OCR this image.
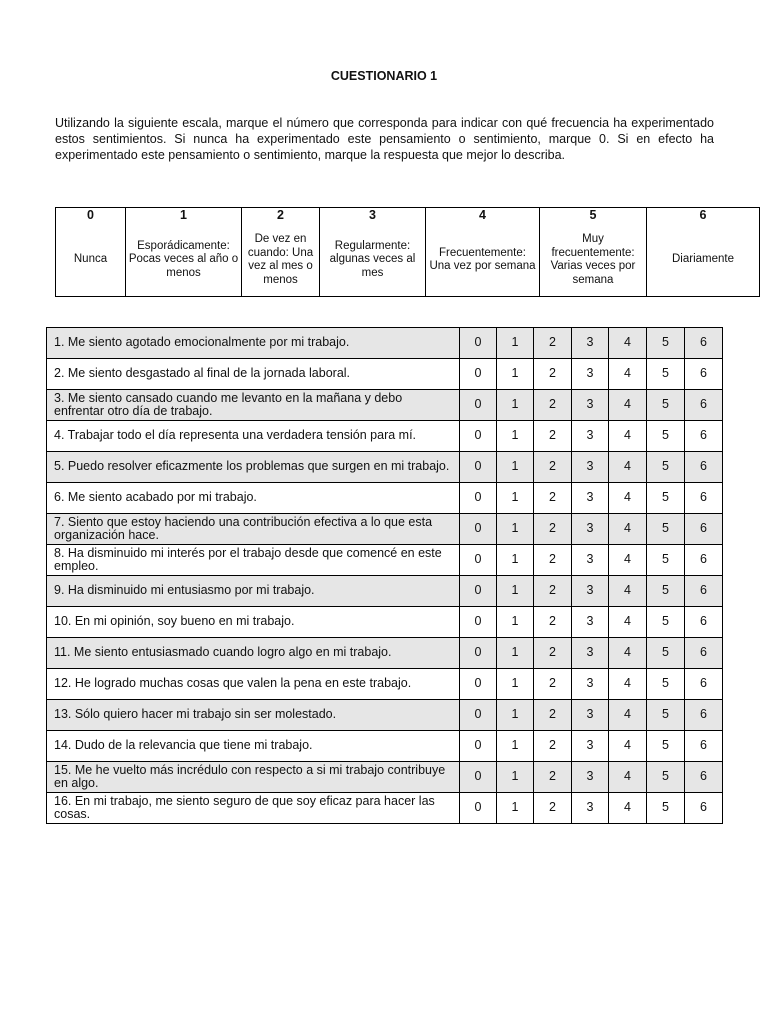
CUESTIONARIO 1
Utilizando la siguiente escala, marque el número que corresponda para indicar con qué frecuencia ha experimentado estos sentimientos. Si nunca ha experimentado este pensamiento o sentimiento, marque 0. Si en efecto ha experimentado este pensamiento o sentimiento, marque la respuesta que mejor lo describa.
0	1	2	3	4	5	6
Nunca	Esporádicamente: Pocas veces al año o menos	De vez en cuando: Una vez al mes o menos	Regularmente: algunas veces al mes	Frecuentemente: Una vez por semana	Muy frecuentemente: Varias veces por semana	Diariamente
1. Me siento agotado emocionalmente por mi trabajo.	0	1	2	3	4	5	6
2. Me siento desgastado al final de la jornada laboral.	0	1	2	3	4	5	6
3. Me siento cansado cuando me levanto en la mañana y debo enfrentar otro día de trabajo.	0	1	2	3	4	5	6
4. Trabajar todo el día representa una verdadera tensión para mí.	0	1	2	3	4	5	6
5. Puedo resolver eficazmente los problemas que surgen en mi trabajo.	0	1	2	3	4	5	6
6. Me siento acabado por mi trabajo.	0	1	2	3	4	5	6
7. Siento que estoy haciendo una contribución efectiva a lo que esta organización hace.	0	1	2	3	4	5	6
8. Ha disminuido mi interés por el trabajo desde que comencé en este empleo.	0	1	2	3	4	5	6
9. Ha disminuido mi entusiasmo por mi trabajo.	0	1	2	3	4	5	6
10. En mi opinión, soy bueno en mi trabajo.	0	1	2	3	4	5	6
11. Me siento entusiasmado cuando logro algo en mi trabajo.	0	1	2	3	4	5	6
12. He logrado muchas cosas que valen la pena en este trabajo.	0	1	2	3	4	5	6
13. Sólo quiero hacer mi trabajo sin ser molestado.	0	1	2	3	4	5	6
14. Dudo de la relevancia que tiene mi trabajo.	0	1	2	3	4	5	6
15. Me he vuelto más incrédulo con respecto a si mi trabajo contribuye en algo.	0	1	2	3	4	5	6
16. En mi trabajo, me siento seguro de que soy eficaz para hacer las cosas.	0	1	2	3	4	5	6
